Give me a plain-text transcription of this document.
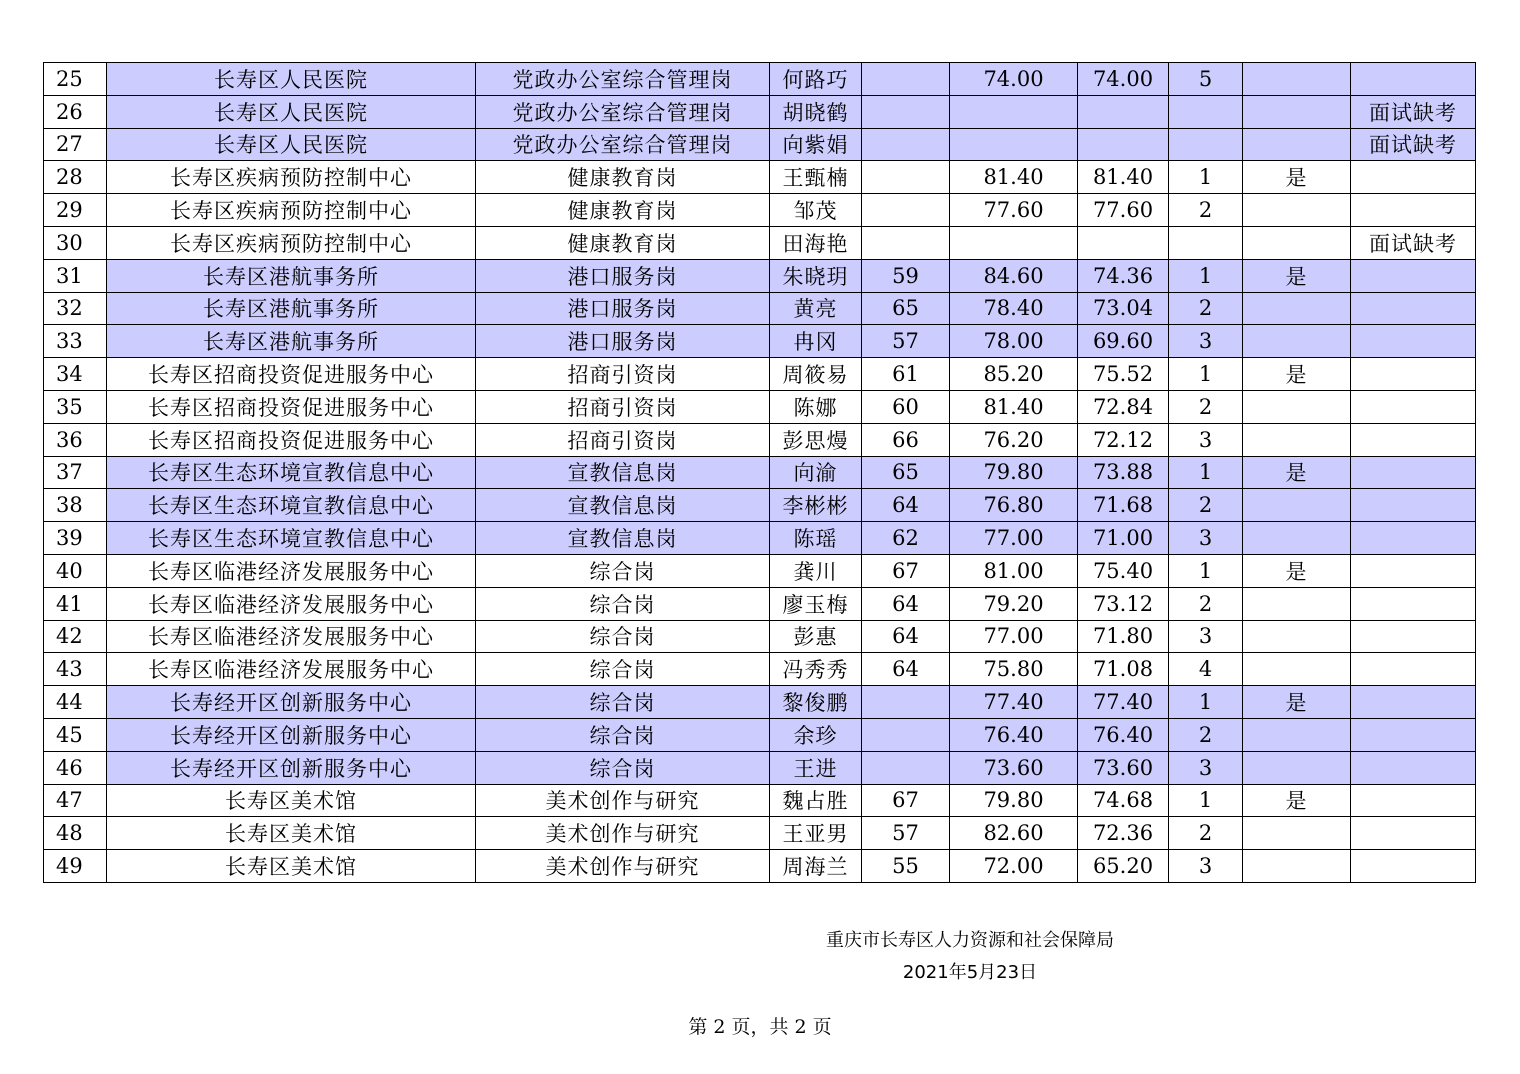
25	长寿区人民医院	党政办公室综合管理岗	何路巧		74.00	74.00	5		
26	长寿区人民医院	党政办公室综合管理岗	胡晓鹤						面试缺考
27	长寿区人民医院	党政办公室综合管理岗	向紫娟						面试缺考
28	长寿区疾病预防控制中心	健康教育岗	王甄楠		81.40	81.40	1	是	
29	长寿区疾病预防控制中心	健康教育岗	邹茂		77.60	77.60	2		
30	长寿区疾病预防控制中心	健康教育岗	田海艳						面试缺考
31	长寿区港航事务所	港口服务岗	朱晓玥	59	84.60	74.36	1	是	
32	长寿区港航事务所	港口服务岗	黄亮	65	78.40	73.04	2		
33	长寿区港航事务所	港口服务岗	冉冈	57	78.00	69.60	3		
34	长寿区招商投资促进服务中心	招商引资岗	周筱易	61	85.20	75.52	1	是	
35	长寿区招商投资促进服务中心	招商引资岗	陈娜	60	81.40	72.84	2		
36	长寿区招商投资促进服务中心	招商引资岗	彭思熳	66	76.20	72.12	3		
37	长寿区生态环境宣教信息中心	宣教信息岗	向渝	65	79.80	73.88	1	是	
38	长寿区生态环境宣教信息中心	宣教信息岗	李彬彬	64	76.80	71.68	2		
39	长寿区生态环境宣教信息中心	宣教信息岗	陈瑶	62	77.00	71.00	3		
40	长寿区临港经济发展服务中心	综合岗	龚川	67	81.00	75.40	1	是	
41	长寿区临港经济发展服务中心	综合岗	廖玉梅	64	79.20	73.12	2		
42	长寿区临港经济发展服务中心	综合岗	彭惠	64	77.00	71.80	3		
43	长寿区临港经济发展服务中心	综合岗	冯秀秀	64	75.80	71.08	4		
44	长寿经开区创新服务中心	综合岗	黎俊鹏		77.40	77.40	1	是	
45	长寿经开区创新服务中心	综合岗	余珍		76.40	76.40	2		
46	长寿经开区创新服务中心	综合岗	王进		73.60	73.60	3		
47	长寿区美术馆	美术创作与研究	魏占胜	67	79.80	74.68	1	是	
48	长寿区美术馆	美术创作与研究	王亚男	57	82.60	72.36	2		
49	长寿区美术馆	美术创作与研究	周海兰	55	72.00	65.20	3		
重庆市长寿区人力资源和社会保障局
2021年5月23日
第 2 页，共 2 页
